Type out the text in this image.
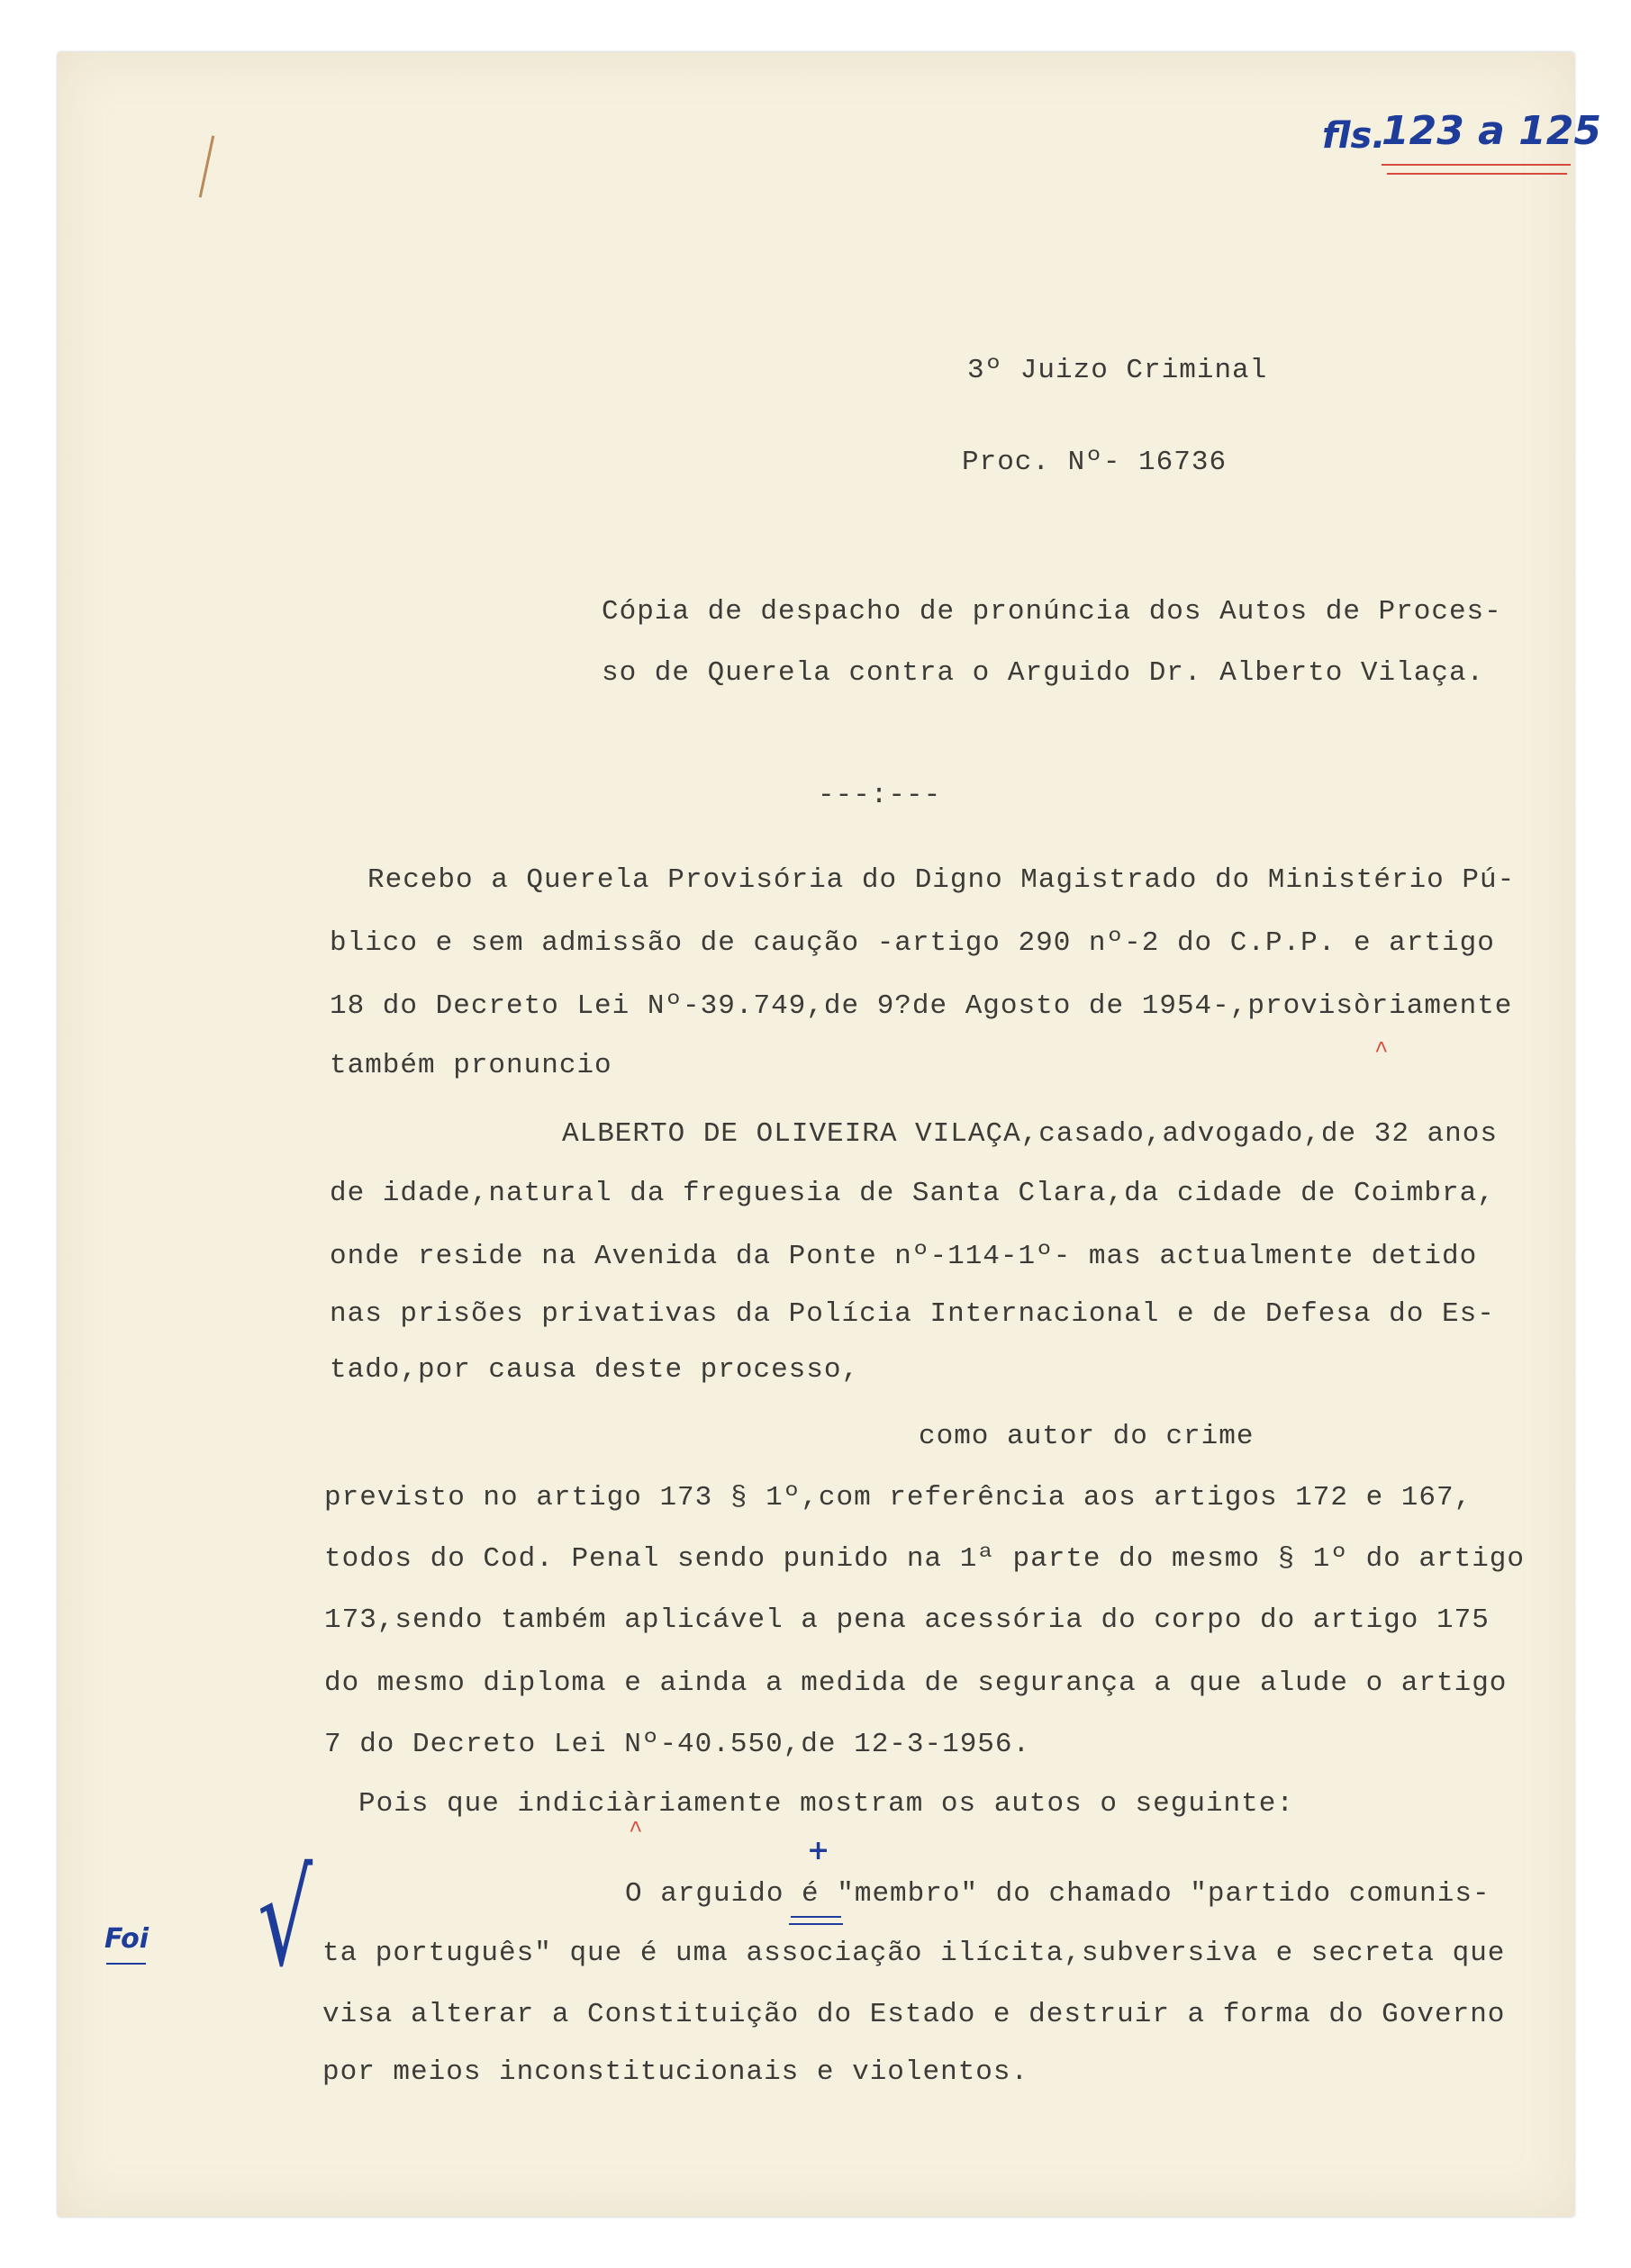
fls.
123 a 125
3º Juizo Criminal
Proc. Nº- 16736
Cópia de despacho de pronúncia dos Autos de Proces-
so de Querela contra o Arguido Dr. Alberto Vilaça.
---:---
Recebo a Querela Provisória do Digno Magistrado do Ministério Pú-
blico e sem admissão de caução -artigo 290 nº-2 do C.P.P. e artigo
18 do Decreto Lei Nº-39.749,de 9?de Agosto de 1954-,provisòriamente
também pronuncio
ALBERTO DE OLIVEIRA VILAÇA,casado,advogado,de 32 anos
de idade,natural da freguesia de Santa Clara,da cidade de Coimbra,
onde reside na Avenida da Ponte nº-114-1º- mas actualmente detido
nas prisões privativas da Polícia Internacional e de Defesa do Es-
tado,por causa deste processo,
como autor do crime
previsto no artigo 173 § 1º,com referência aos artigos 172 e 167,
todos do Cod. Penal sendo punido na 1ª parte do mesmo § 1º do artigo
173,sendo também aplicável a pena acessória do corpo do artigo 175
do mesmo diploma e ainda a medida de segurança a que alude o artigo
7 do Decreto Lei Nº-40.550,de 12-3-1956.
Pois que indiciàriamente mostram os autos o seguinte:
O arguido é "membro" do chamado "partido comunis-
ta português" que é uma associação ilícita,subversiva e secreta que
visa alterar a Constituição do Estado e destruir a forma do Governo
por meios inconstitucionais e violentos.
Foi √	+
^
^
